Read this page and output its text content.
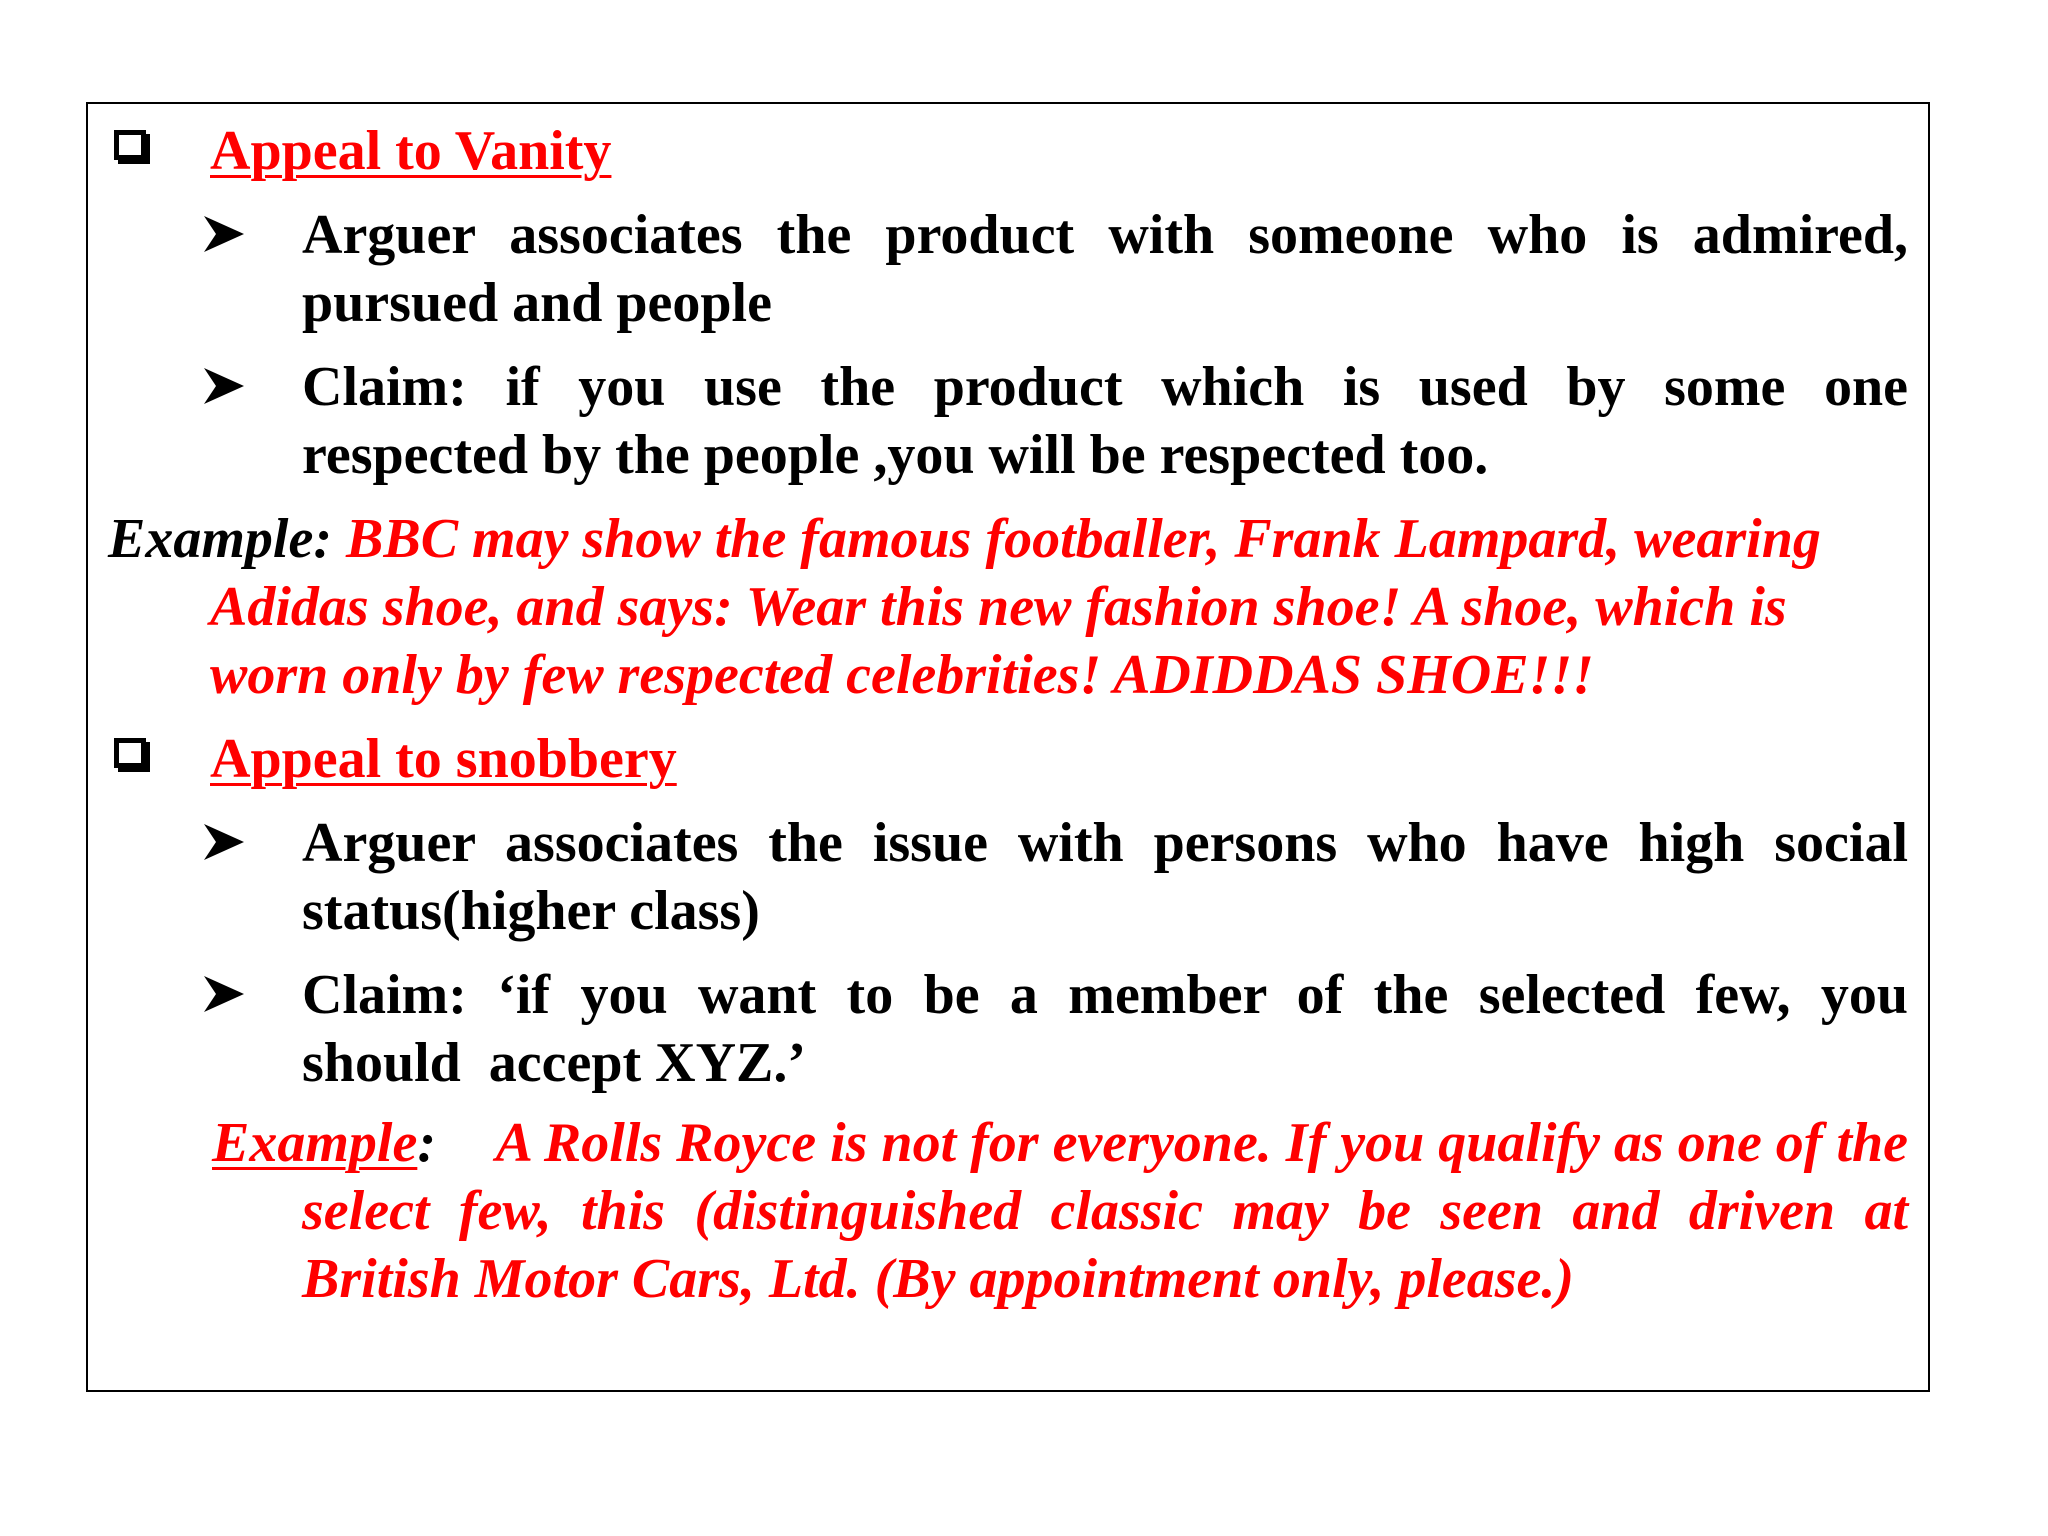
Appeal to Vanity
Arguer associates the product with someone who is admired,
pursued and people
Claim: if you use the product which is used by some one
respected by the people ,you will be respected too.
Example: BBC may show the famous footballer, Frank Lampard, wearing
Adidas shoe, and says: Wear this new fashion shoe! A shoe, which is
worn only by few respected celebrities! ADIDDAS SHOE!!!
Appeal to snobbery
Arguer associates the issue with persons who have high social
status(higher class)
Claim: ‘if you want to be a member of the selected few, you
should  accept XYZ.’
Example: A Rolls Royce is not for everyone. If you qualify as one of the
select few, this (distinguished classic may be seen and driven at
British Motor Cars, Ltd. (By appointment only, please.)
